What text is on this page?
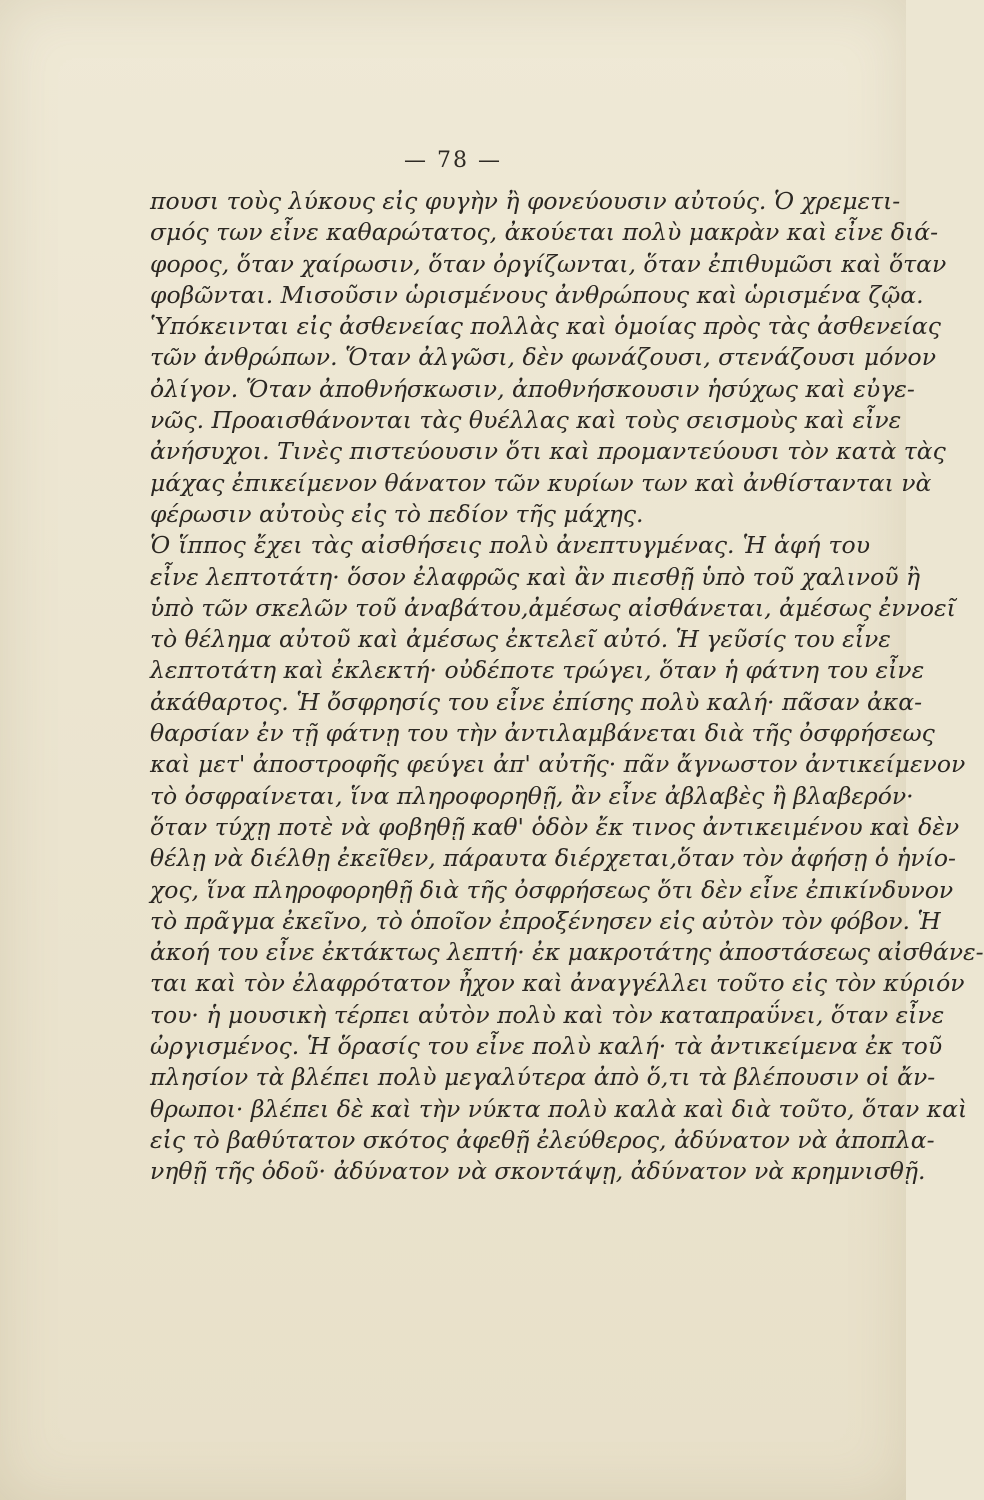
— 78 —
πουσι τοὺς λύκους εἰς φυγὴν ἢ φονεύουσιν αὐτούς. Ὁ χρεμετι-
σμός των εἶνε καθαρώτατος, ἀκούεται πολὺ μακρὰν καὶ εἶνε διά-
φορος, ὅταν χαίρωσιν, ὅταν ὀργίζωνται, ὅταν ἐπιθυμῶσι καὶ ὅταν
φοβῶνται. Μισοῦσιν ὡρισμένους ἀνθρώπους καὶ ὡρισμένα ζῷα.
Ὑπόκεινται εἰς ἀσθενείας πολλὰς καὶ ὁμοίας πρὸς τὰς ἀσθενείας
τῶν ἀνθρώπων. Ὅταν ἀλγῶσι, δὲν φωνάζουσι, στενάζουσι μόνον
ὀλίγον. Ὅταν ἀποθνήσκωσιν, ἀποθνήσκουσιν ἡσύχως καὶ εὐγε-
νῶς. Προαισθάνονται τὰς θυέλλας καὶ τοὺς σεισμοὺς καὶ εἶνε
ἀνήσυχοι. Τινὲς πιστεύουσιν ὅτι καὶ προμαντεύουσι τὸν κατὰ τὰς
μάχας ἐπικείμενον θάνατον τῶν κυρίων των καὶ ἀνθίστανται νὰ
φέρωσιν αὐτοὺς εἰς τὸ πεδίον τῆς μάχης.
Ὁ ἵππος ἔχει τὰς αἰσθήσεις πολὺ ἀνεπτυγμένας. Ἡ ἁφή του
εἶνε λεπτοτάτη· ὅσον ἐλαφρῶς καὶ ἂν πιεσθῇ ὑπὸ τοῦ χαλινοῦ ἢ
ὑπὸ τῶν σκελῶν τοῦ ἀναβάτου,ἀμέσως αἰσθάνεται, ἀμέσως ἐννοεῖ
τὸ θέλημα αὐτοῦ καὶ ἀμέσως ἐκτελεῖ αὐτό. Ἡ γεῦσίς του εἶνε
λεπτοτάτη καὶ ἐκλεκτή· οὐδέποτε τρώγει, ὅταν ἡ φάτνη του εἶνε
ἀκάθαρτος. Ἡ ὄσφρησίς του εἶνε ἐπίσης πολὺ καλή· πᾶσαν ἀκα-
θαρσίαν ἐν τῇ φάτνῃ του τὴν ἀντιλαμβάνεται διὰ τῆς ὀσφρήσεως
καὶ μετ' ἀποστροφῆς φεύγει ἀπ' αὐτῆς· πᾶν ἄγνωστον ἀντικείμενον
τὸ ὀσφραίνεται, ἵνα πληροφορηθῇ, ἂν εἶνε ἀβλαβὲς ἢ βλαβερόν·
ὅταν τύχῃ ποτὲ νὰ φοβηθῇ καθ' ὁδὸν ἔκ τινος ἀντικειμένου καὶ δὲν
θέλῃ νὰ διέλθῃ ἐκεῖθεν, πάραυτα διέρχεται,ὅταν τὸν ἀφήσῃ ὁ ἡνίο-
χος, ἵνα πληροφορηθῇ διὰ τῆς ὀσφρήσεως ὅτι δὲν εἶνε ἐπικίνδυνον
τὸ πρᾶγμα ἐκεῖνο, τὸ ὁποῖον ἐπροξένησεν εἰς αὐτὸν τὸν φόβον. Ἡ
ἀκοή του εἶνε ἐκτάκτως λεπτή· ἐκ μακροτάτης ἀποστάσεως αἰσθάνε-
ται καὶ τὸν ἐλαφρότατον ἦχον καὶ ἀναγγέλλει τοῦτο εἰς τὸν κύριόν
του· ἡ μουσικὴ τέρπει αὐτὸν πολὺ καὶ τὸν καταπραΰνει, ὅταν εἶνε
ὠργισμένος. Ἡ ὅρασίς του εἶνε πολὺ καλή· τὰ ἀντικείμενα ἐκ τοῦ
πλησίον τὰ βλέπει πολὺ μεγαλύτερα ἀπὸ ὅ,τι τὰ βλέπουσιν οἱ ἄν-
θρωποι· βλέπει δὲ καὶ τὴν νύκτα πολὺ καλὰ καὶ διὰ τοῦτο, ὅταν καὶ
εἰς τὸ βαθύτατον σκότος ἀφεθῇ ἐλεύθερος, ἀδύνατον νὰ ἀποπλα-
νηθῇ τῆς ὁδοῦ· ἀδύνατον νὰ σκοντάψῃ, ἀδύνατον νὰ κρημνισθῇ.
